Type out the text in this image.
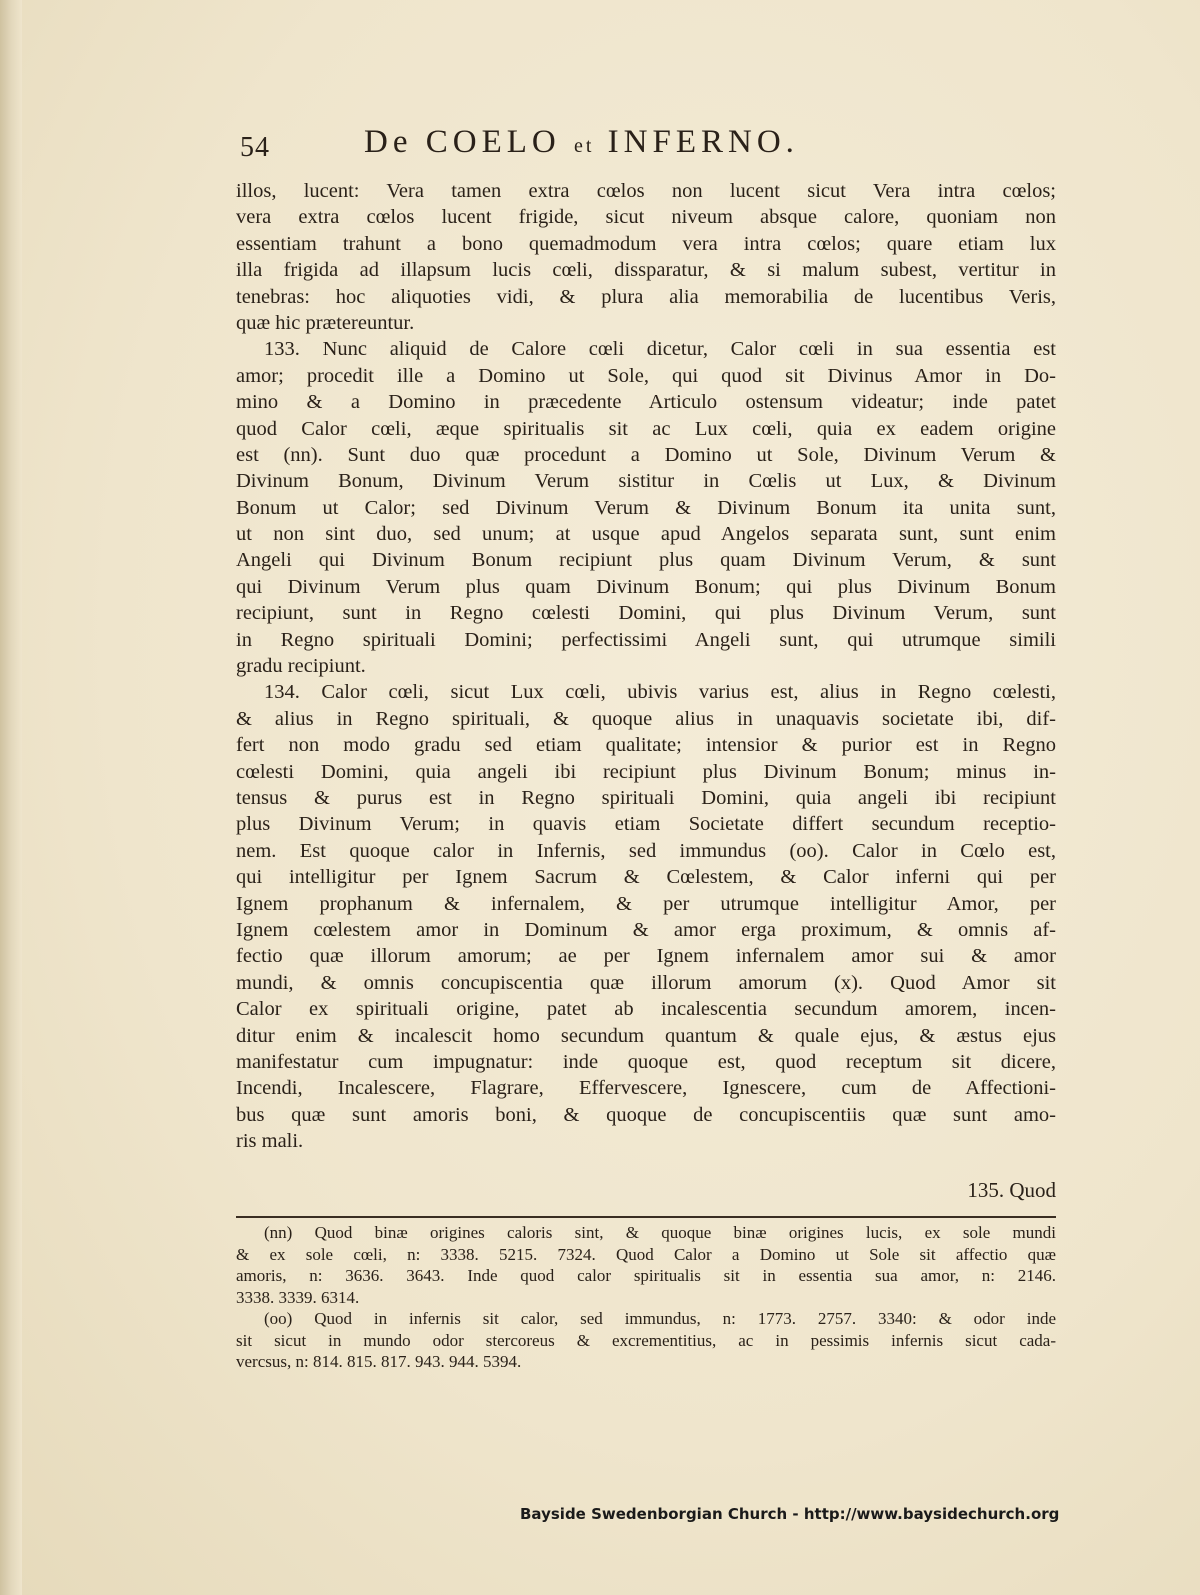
54	De COELO et INFERNO.
illos, lucent: Vera tamen extra cœlos non lucent sicut Vera intra cœlos;
vera extra cœlos lucent frigide, sicut niveum absque calore, quoniam non
essentiam trahunt a bono quemadmodum vera intra cœlos; quare etiam lux
illa frigida ad illapsum lucis cœli, dissparatur, & si malum subest, vertitur in
tenebras: hoc aliquoties vidi, & plura alia memorabilia de lucentibus Veris,
quæ hic prætereuntur.
133. Nunc aliquid de Calore cœli dicetur, Calor cœli in sua essentia est
amor; procedit ille a Domino ut Sole, qui quod sit Divinus Amor in Do-
mino & a Domino in præcedente Articulo ostensum videatur; inde patet
quod Calor cœli, æque spiritualis sit ac Lux cœli, quia ex eadem origine
est (nn). Sunt duo quæ procedunt a Domino ut Sole, Divinum Verum &
Divinum Bonum, Divinum Verum sistitur in Cœlis ut Lux, & Divinum
Bonum ut Calor; sed Divinum Verum & Divinum Bonum ita unita sunt,
ut non sint duo, sed unum; at usque apud Angelos separata sunt, sunt enim
Angeli qui Divinum Bonum recipiunt plus quam Divinum Verum, & sunt
qui Divinum Verum plus quam Divinum Bonum; qui plus Divinum Bonum
recipiunt, sunt in Regno cœlesti Domini, qui plus Divinum Verum, sunt
in Regno spirituali Domini; perfectissimi Angeli sunt, qui utrumque simili
gradu recipiunt.
134. Calor cœli, sicut Lux cœli, ubivis varius est, alius in Regno cœlesti,
& alius in Regno spirituali, & quoque alius in unaquavis societate ibi, dif-
fert non modo gradu sed etiam qualitate; intensior & purior est in Regno
cœlesti Domini, quia angeli ibi recipiunt plus Divinum Bonum; minus in-
tensus & purus est in Regno spirituali Domini, quia angeli ibi recipiunt
plus Divinum Verum; in quavis etiam Societate differt secundum receptio-
nem. Est quoque calor in Infernis, sed immundus (oo). Calor in Cœlo est,
qui intelligitur per Ignem Sacrum & Cœlestem, & Calor inferni qui per
Ignem prophanum & infernalem, & per utrumque intelligitur Amor, per
Ignem cœlestem amor in Dominum & amor erga proximum, & omnis af-
fectio quæ illorum amorum; ae per Ignem infernalem amor sui & amor
mundi, & omnis concupiscentia quæ illorum amorum (x). Quod Amor sit
Calor ex spirituali origine, patet ab incalescentia secundum amorem, incen-
ditur enim & incalescit homo secundum quantum & quale ejus, & æstus ejus
manifestatur cum impugnatur: inde quoque est, quod receptum sit dicere,
Incendi, Incalescere, Flagrare, Effervescere, Ignescere, cum de Affectioni-
bus quæ sunt amoris boni, & quoque de concupiscentiis quæ sunt amo-
ris mali.
135. Quod
(nn) Quod binæ origines caloris sint, & quoque binæ origines lucis, ex sole mundi
& ex sole cœli, n: 3338. 5215. 7324. Quod Calor a Domino ut Sole sit affectio quæ
amoris, n: 3636. 3643. Inde quod calor spiritualis sit in essentia sua amor, n: 2146.
3338. 3339. 6314.
(oo) Quod in infernis sit calor, sed immundus, n: 1773. 2757. 3340: & odor inde
sit sicut in mundo odor stercoreus & excrementitius, ac in pessimis infernis sicut cada-
vercsus, n: 814. 815. 817. 943. 944. 5394.
Bayside Swedenborgian Church - http://www.baysidechurch.org
